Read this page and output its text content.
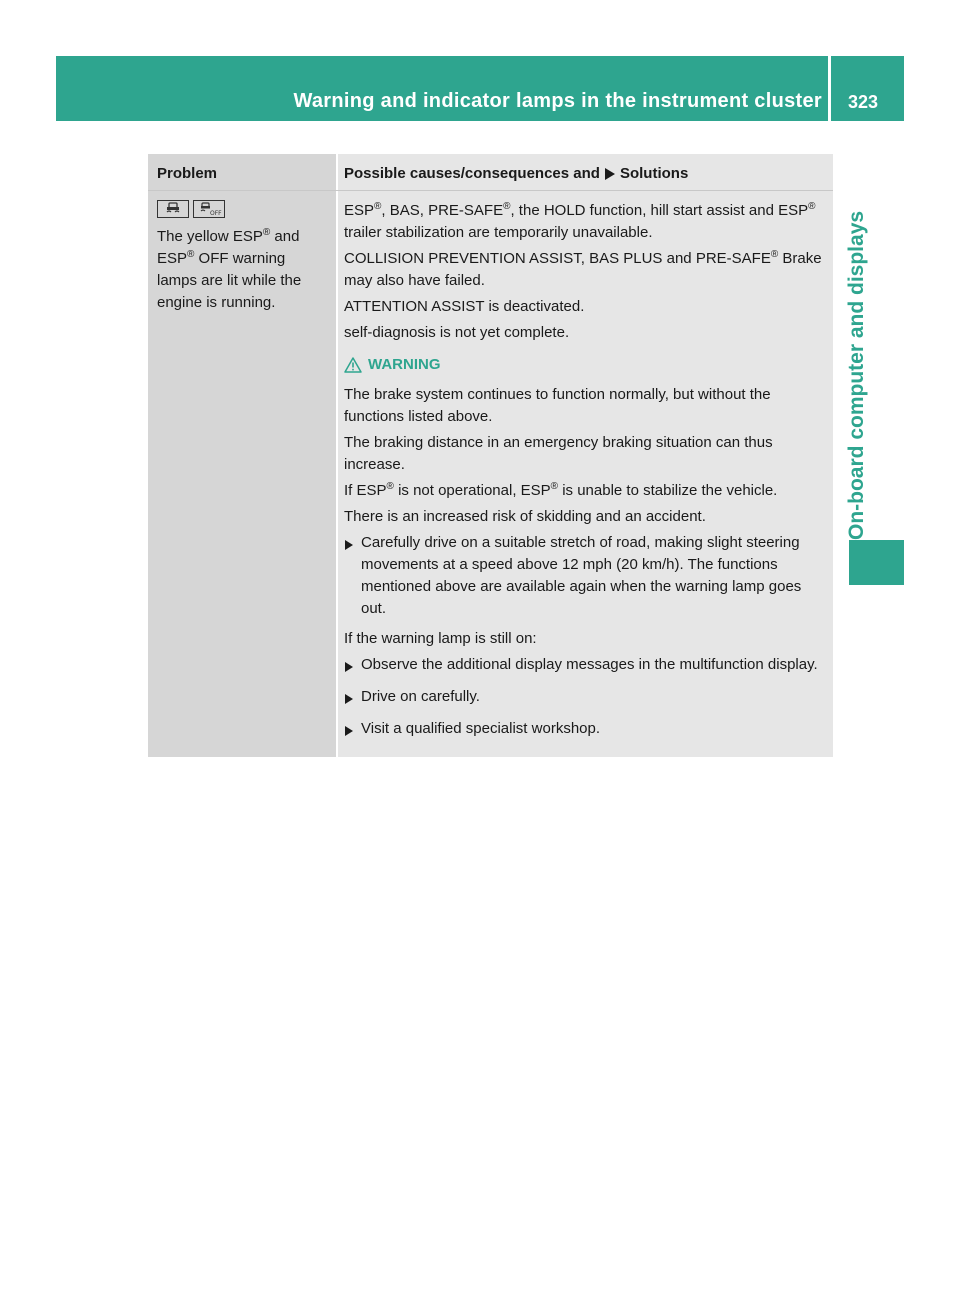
Warning and indicator lamps in the instrument cluster 323
On-board computer and displays
Problem	Possible causes/consequences and Solutions
OFF
The yellow ESP® and ESP® OFF warning lamps are lit while the engine is running.

ESP®, BAS, PRE-SAFE®, the HOLD function, hill start assist and ESP® trailer stabilization are temporarily unavailable.

COLLISION PREVENTION ASSIST, BAS PLUS and PRE-SAFE® Brake may also have failed.

ATTENTION ASSIST is deactivated.

self-diagnosis is not yet complete.

WARNING

The brake system continues to function normally, but without the functions listed above.

The braking distance in an emergency braking situation can thus increase.

If ESP® is not operational, ESP® is unable to stabilize the vehicle.

There is an increased risk of skidding and an accident.

Carefully drive on a suitable stretch of road, making slight steering movements at a speed above 12 mph (20 km/h). The functions mentioned above are available again when the warning lamp goes out.

If the warning lamp is still on:

Observe the additional display messages in the multifunction display.
Drive on carefully.
Visit a qualified specialist workshop.
